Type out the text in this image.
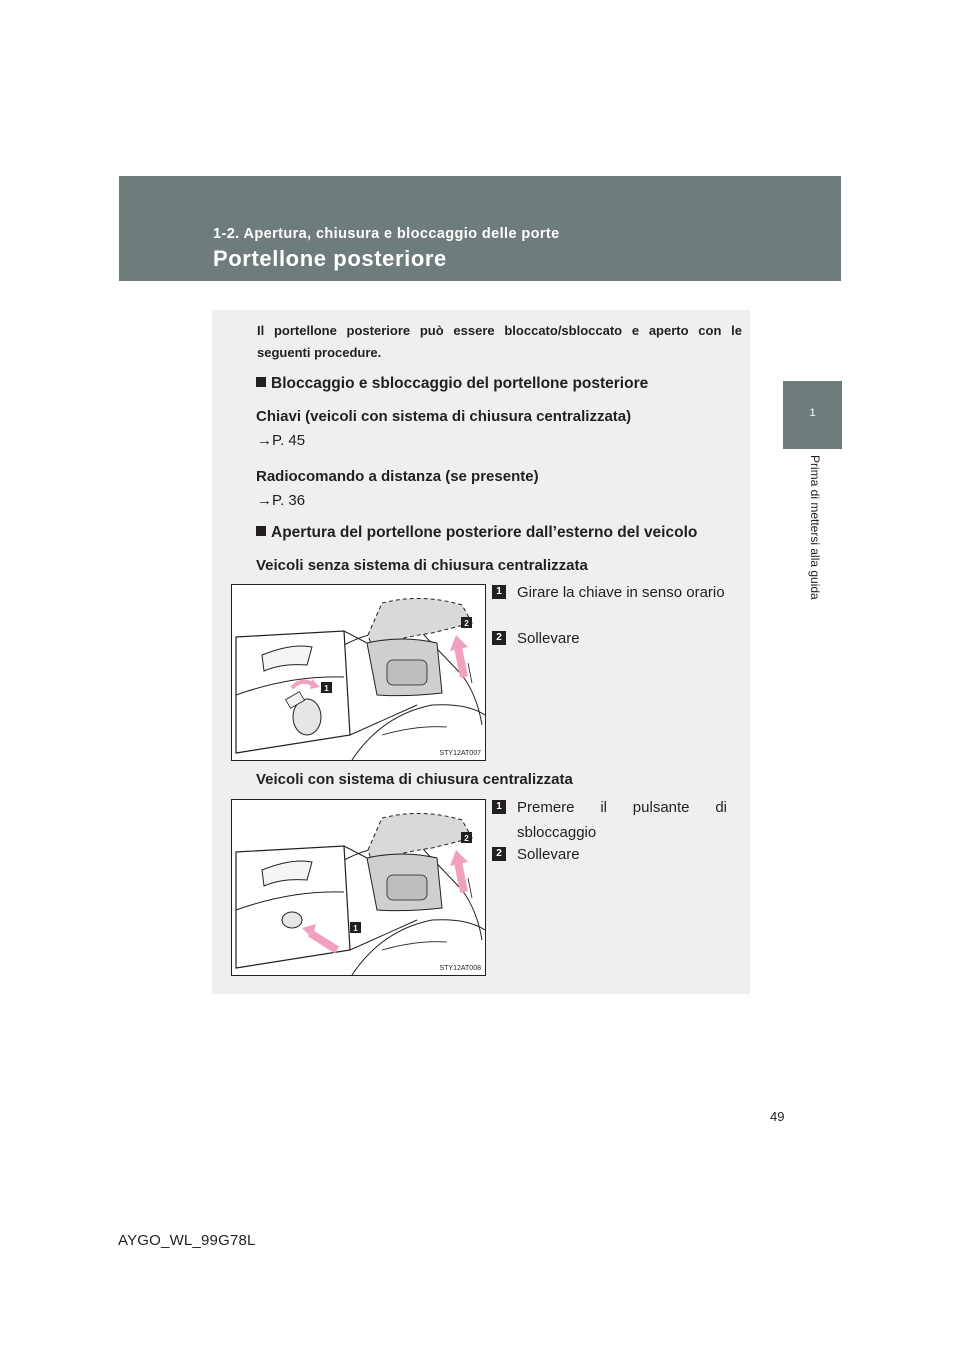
1-2. Apertura, chiusura e bloccaggio delle porte
Portellone posteriore
1
Prima di mettersi alla guida
Il portellone posteriore può essere bloccato/sbloccato e aperto con le seguenti procedure.
Bloccaggio e sbloccaggio del portellone posteriore
Chiavi (veicoli con sistema di chiusura centralizzata)
→P. 45
Radiocomando a distanza (se presente)
→P. 36
Apertura del portellone posteriore dall’esterno del veicolo
Veicoli senza sistema di chiusura centralizzata
2
1
STY12AT007
1	Girare la chiave in senso orario
2	Sollevare
Veicoli con sistema di chiusura centralizzata
2
1
STY12AT008
1	Premere il pulsante di sbloccaggio
2	Sollevare
49
AYGO_WL_99G78L
